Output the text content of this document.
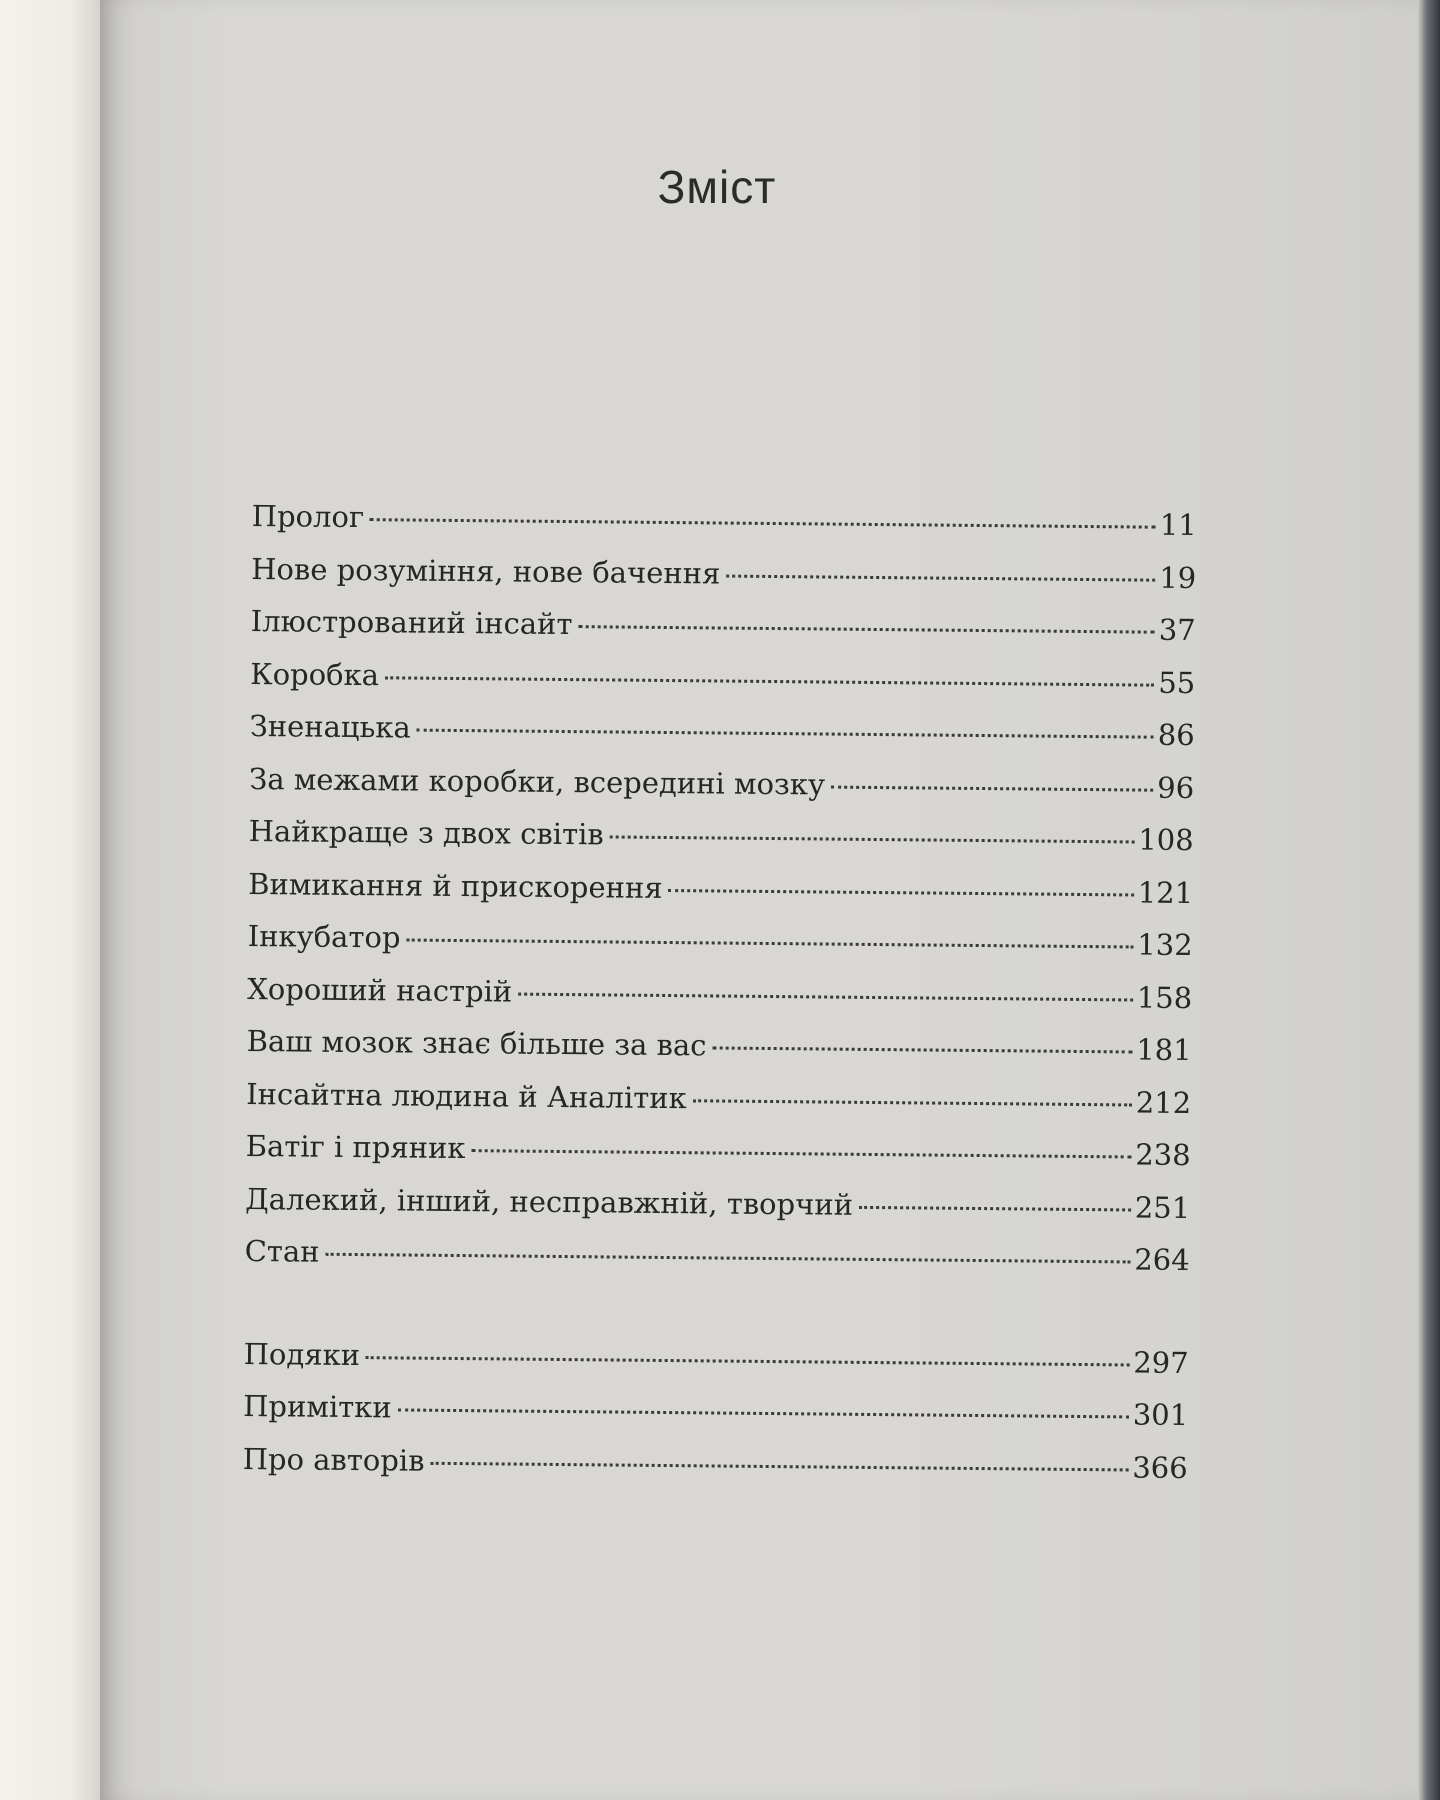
Зміст
Пролог	11
Нове розуміння, нове бачення	19
Ілюстрований інсайт	37
Коробка	55
Зненацька	86
За межами коробки, всередині мозку	96
Найкраще з двох світів	108
Вимикання й прискорення	121
Інкубатор	132
Хороший настрій	158
Ваш мозок знає більше за вас	181
Інсайтна людина й Аналітик	212
Батіг і пряник	238
Далекий, інший, несправжній, творчий	251
Стан	264
Подяки	297
Примітки	301
Про авторів	366
